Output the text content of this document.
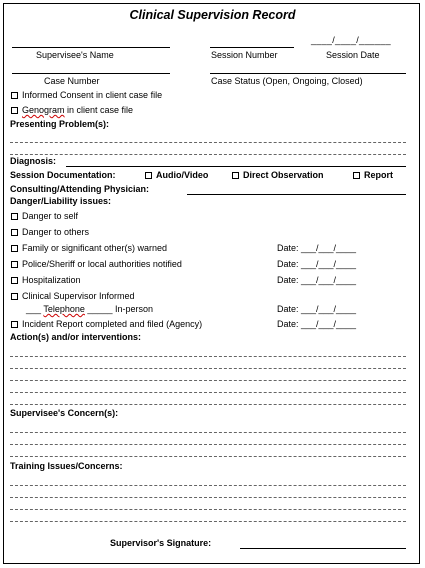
Clinical Supervision Record
____/____/______
Supervisee's Name	Session Number	Session Date
Case Number	Case Status (Open, Ongoing, Closed)
Informed Consent in client case file
Genogram in client case file
Presenting Problem(s):
Diagnosis:
Session Documentation:	Audio/Video	Direct Observation	Report
Consulting/Attending Physician:
Danger/Liability issues:
Danger to self
Danger to others
Family or significant other(s) warned	Date: ___/___/____
Police/Sheriff or local authorities notified	Date: ___/___/____
Hospitalization	Date: ___/___/____
Clinical Supervisor Informed
___ Telephone _____ In-person	Date: ___/___/____
Incident Report completed and filed (Agency)	Date: ___/___/____
Action(s) and/or interventions:
Supervisee's Concern(s):
Training Issues/Concerns:
Supervisor's Signature:
